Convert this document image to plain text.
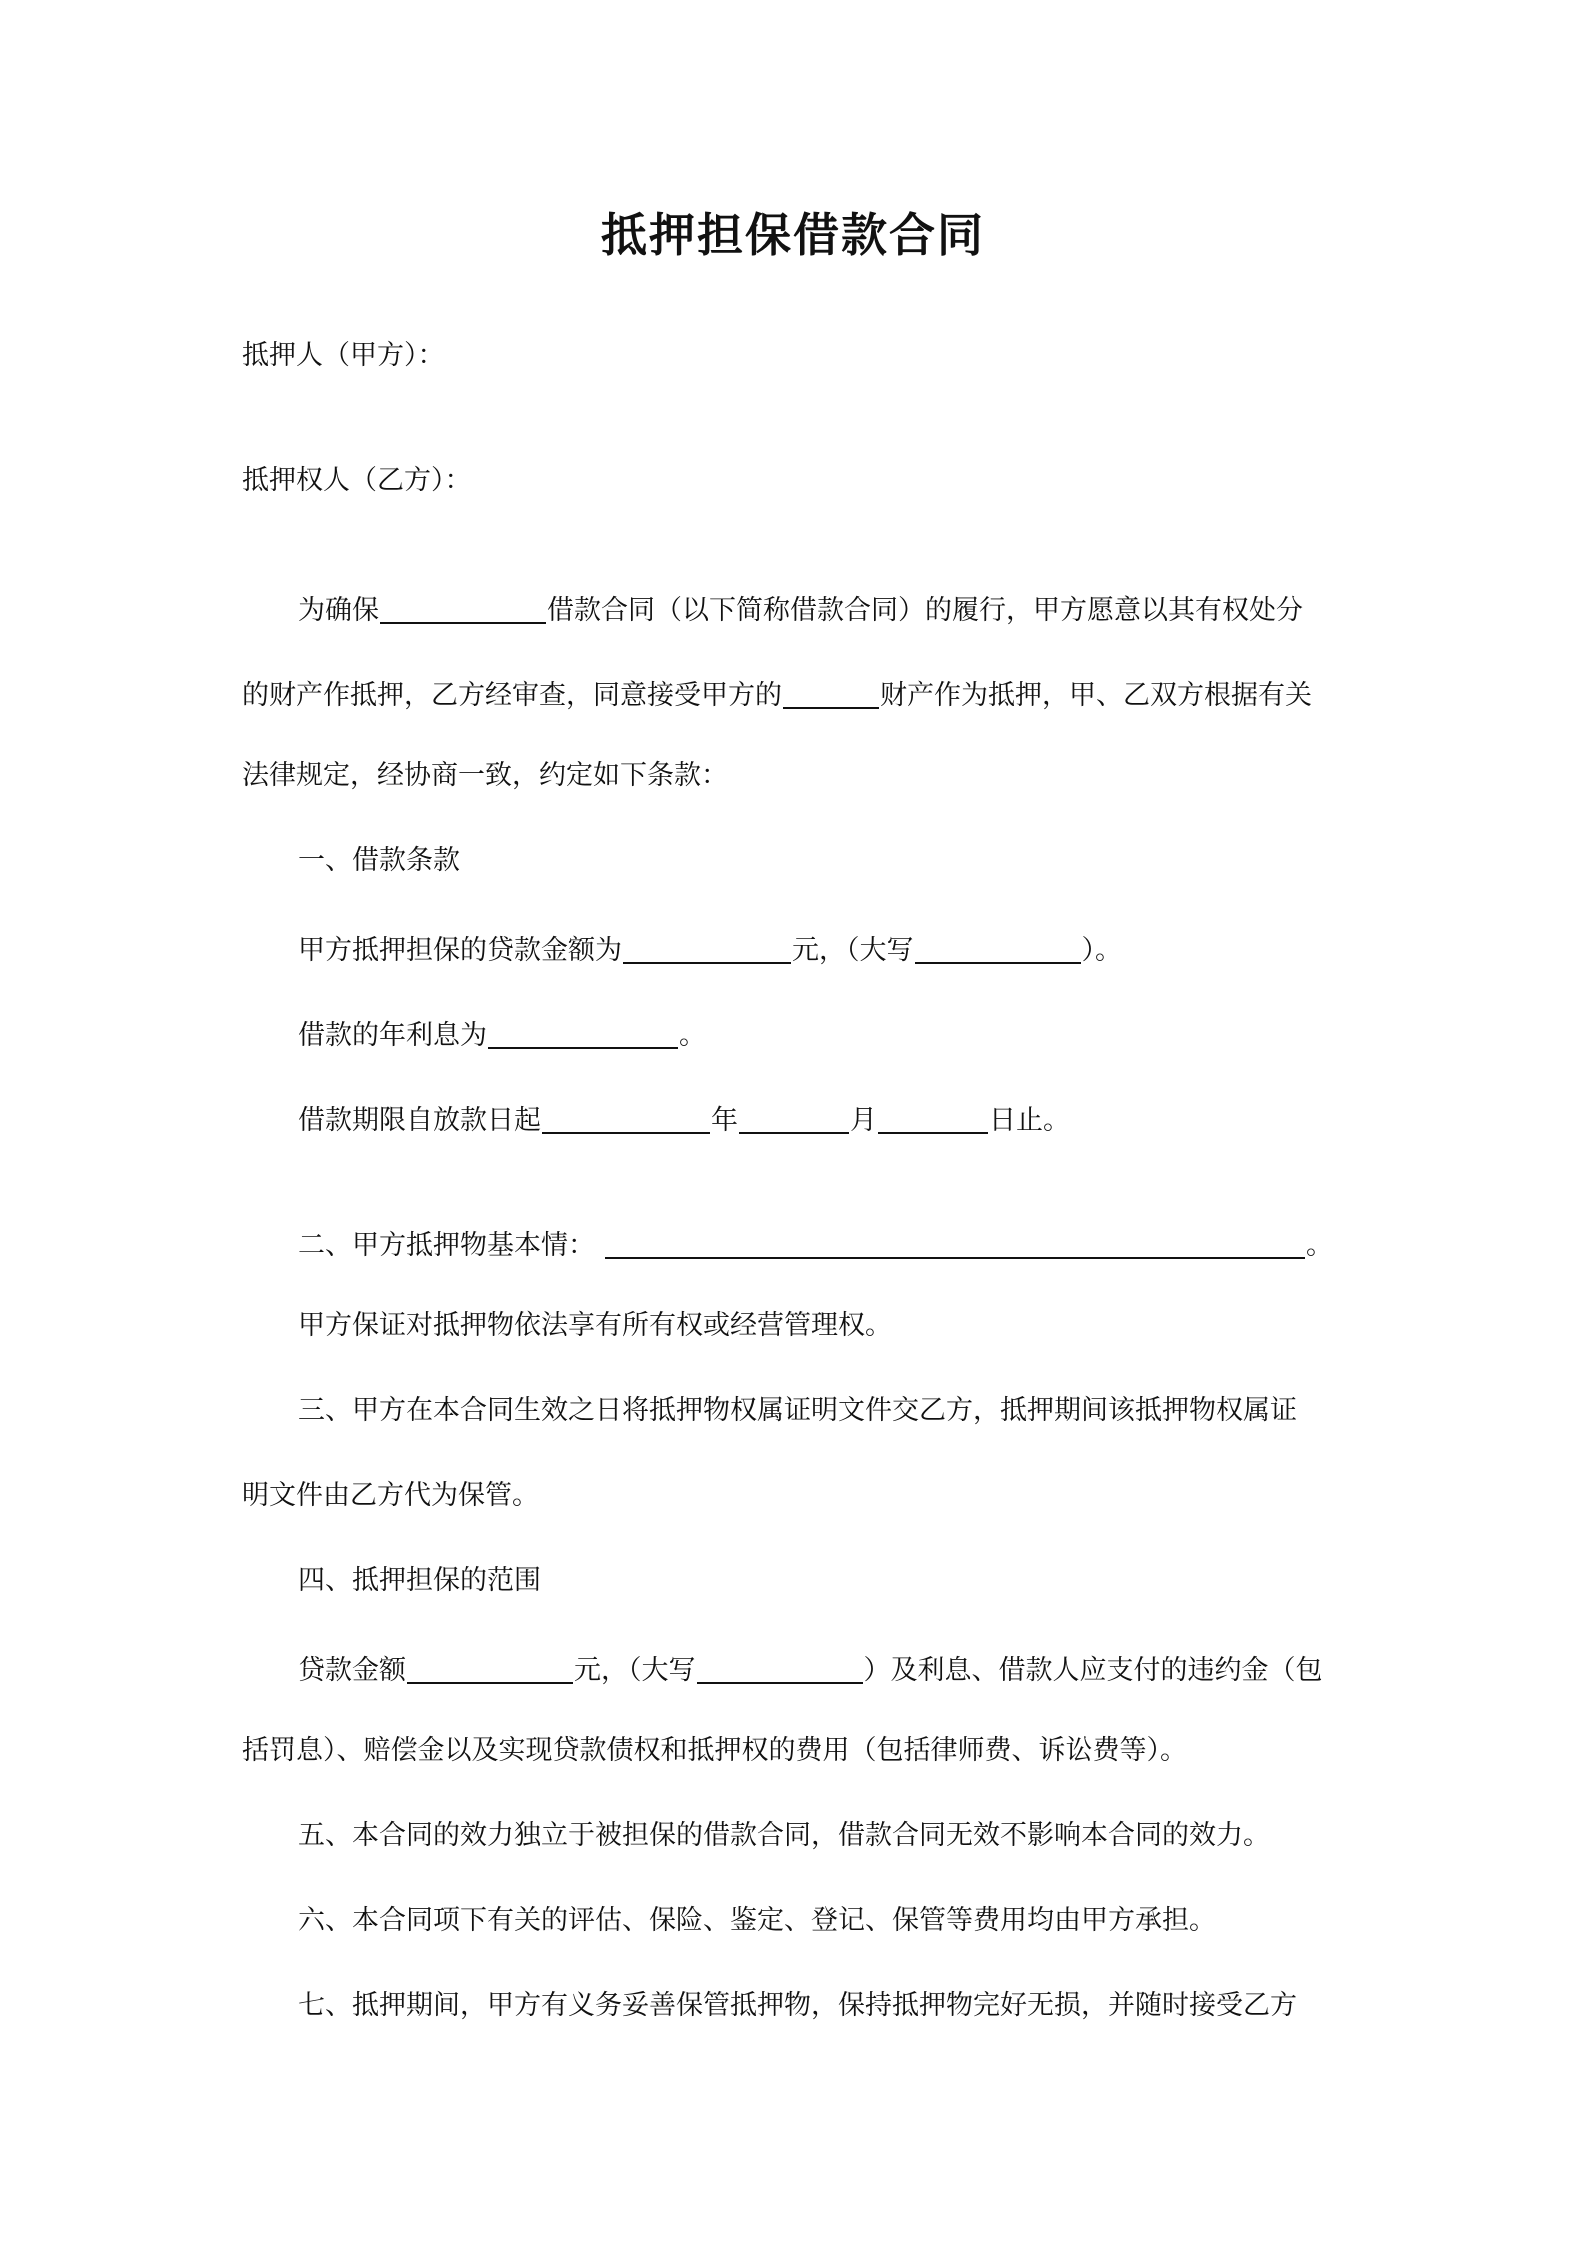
抵押担保借款合同
抵押人（甲方）：
抵押权人（乙方）：
为确保	借款合同（以下简称借款合同）的履行，甲方愿意以其有权处分
的财产作抵押，乙方经审查，同意接受甲方的	财产作为抵押，甲、乙双方根据有关
法律规定，经协商一致，约定如下条款：
一、借款条款
甲方抵押担保的贷款金额为	元，（大写	）。
借款的年利息为	。
借款期限自放款日起	年	月	日止。
二、甲方抵押物基本情：	。
甲方保证对抵押物依法享有所有权或经营管理权。
三、甲方在本合同生效之日将抵押物权属证明文件交乙方，抵押期间该抵押物权属证
明文件由乙方代为保管。
四、抵押担保的范围
贷款金额	元，（大写	）及利息、借款人应支付的违约金（包
括罚息）、赔偿金以及实现贷款债权和抵押权的费用（包括律师费、诉讼费等）。
五、本合同的效力独立于被担保的借款合同，借款合同无效不影响本合同的效力。
六、本合同项下有关的评估、保险、鉴定、登记、保管等费用均由甲方承担。
七、抵押期间，甲方有义务妥善保管抵押物，保持抵押物完好无损，并随时接受乙方
